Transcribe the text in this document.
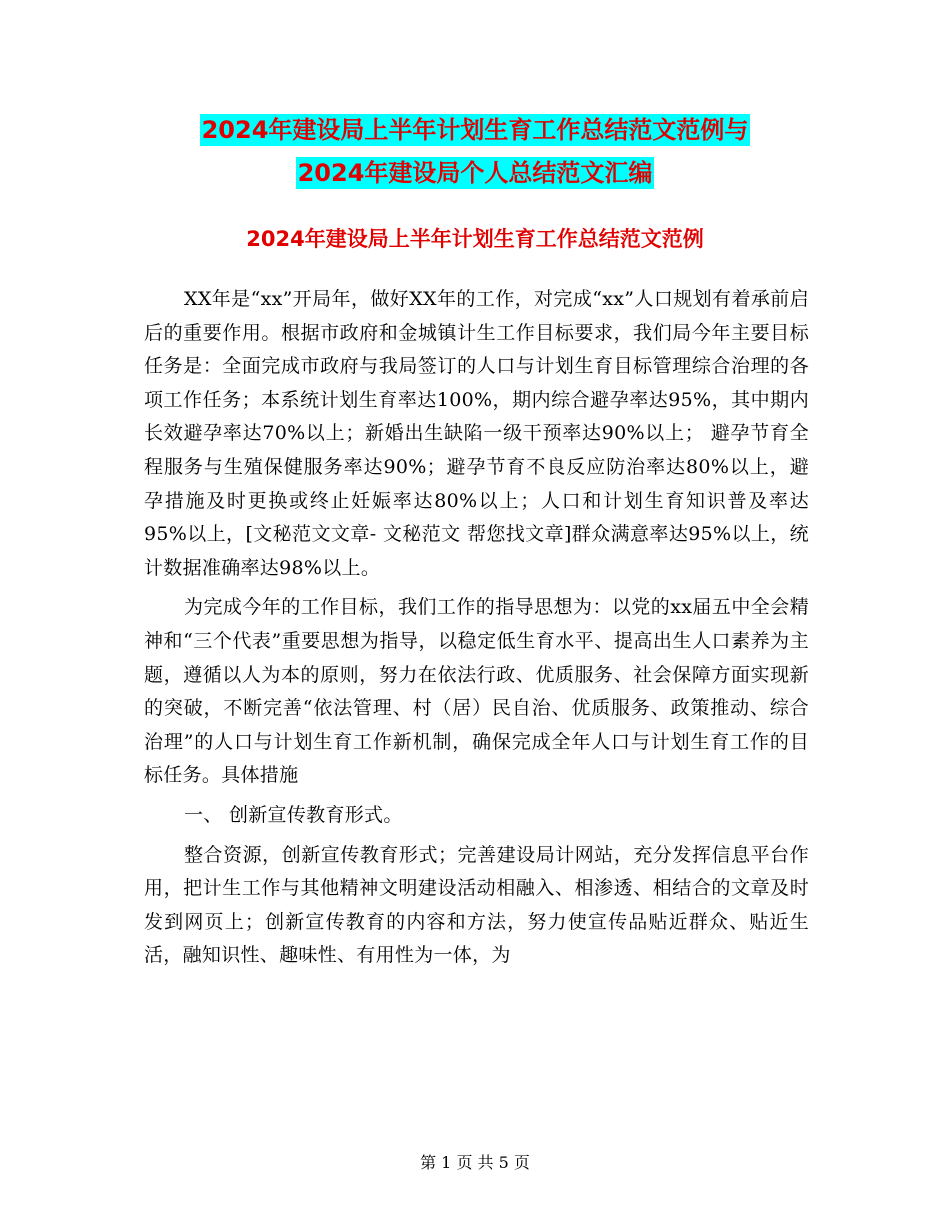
2024年建设局上半年计划生育工作总结范文范例与
2024年建设局个人总结范文汇编
2024年建设局上半年计划生育工作总结范文范例

XX年是“xx”开局年，做好XX年的工作，对完成“xx”人口规划有着承前启后的重要作用。根据市政府和金城镇计生工作目标要求，我们局今年主要目标任务是：全面完成市政府与我局签订的人口与计划生育目标管理综合治理的各项工作任务；本系统计划生育率达100%，期内综合避孕率达95%，其中期内长效避孕率达70%以上；新婚出生缺陷一级干预率达90%以上； 避孕节育全程服务与生殖保健服务率达90%；避孕节育不良反应防治率达80%以上，避孕措施及时更换或终止妊娠率达80%以上；人口和计划生育知识普及率达95%以上，[文秘范文文章- 文秘范文 帮您找文章]群众满意率达95%以上，统计数据准确率达98%以上。

为完成今年的工作目标，我们工作的指导思想为：以党的xx届五中全会精神和“三个代表”重要思想为指导，以稳定低生育水平、提高出生人口素养为主题，遵循以人为本的原则，努力在依法行政、优质服务、社会保障方面实现新的突破，不断完善“依法管理、村（居）民自治、优质服务、政策推动、综合治理”的人口与计划生育工作新机制，确保完成全年人口与计划生育工作的目标任务。具体措施

一、 创新宣传教育形式。

整合资源，创新宣传教育形式；完善建设局计网站，充分发挥信息平台作用，把计生工作与其他精神文明建设活动相融入、相渗透、相结合的文章及时发到网页上；创新宣传教育的内容和方法，努力使宣传品贴近群众、贴近生活，融知识性、趣味性、有用性为一体，为

第 1 页 共 5 页
